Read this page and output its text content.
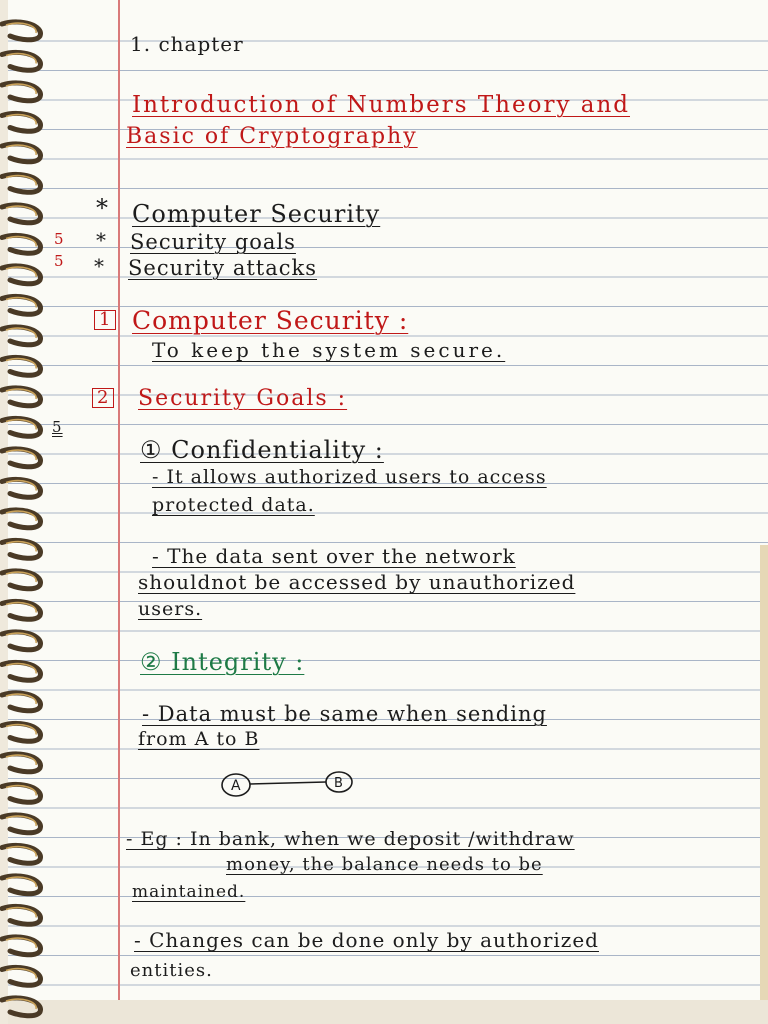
1. chapter
Introduction of Numbers Theory and
Basic of Cryptography
5
5
*
*
*
Computer Security
Security goals
Security attacks
1 Computer Security :
To keep the system secure.
2 Security Goals :
5
① Confidentiality :
- It allows authorized users to access
protected data.
- The data sent over the network
shouldnot be accessed by unauthorized
users.
② Integrity :
- Data must be same when sending
from A to B
A	B
- Eg : In bank, when we deposit /withdraw
money, the balance needs to be
maintained.
- Changes can be done only by authorized
entities.
